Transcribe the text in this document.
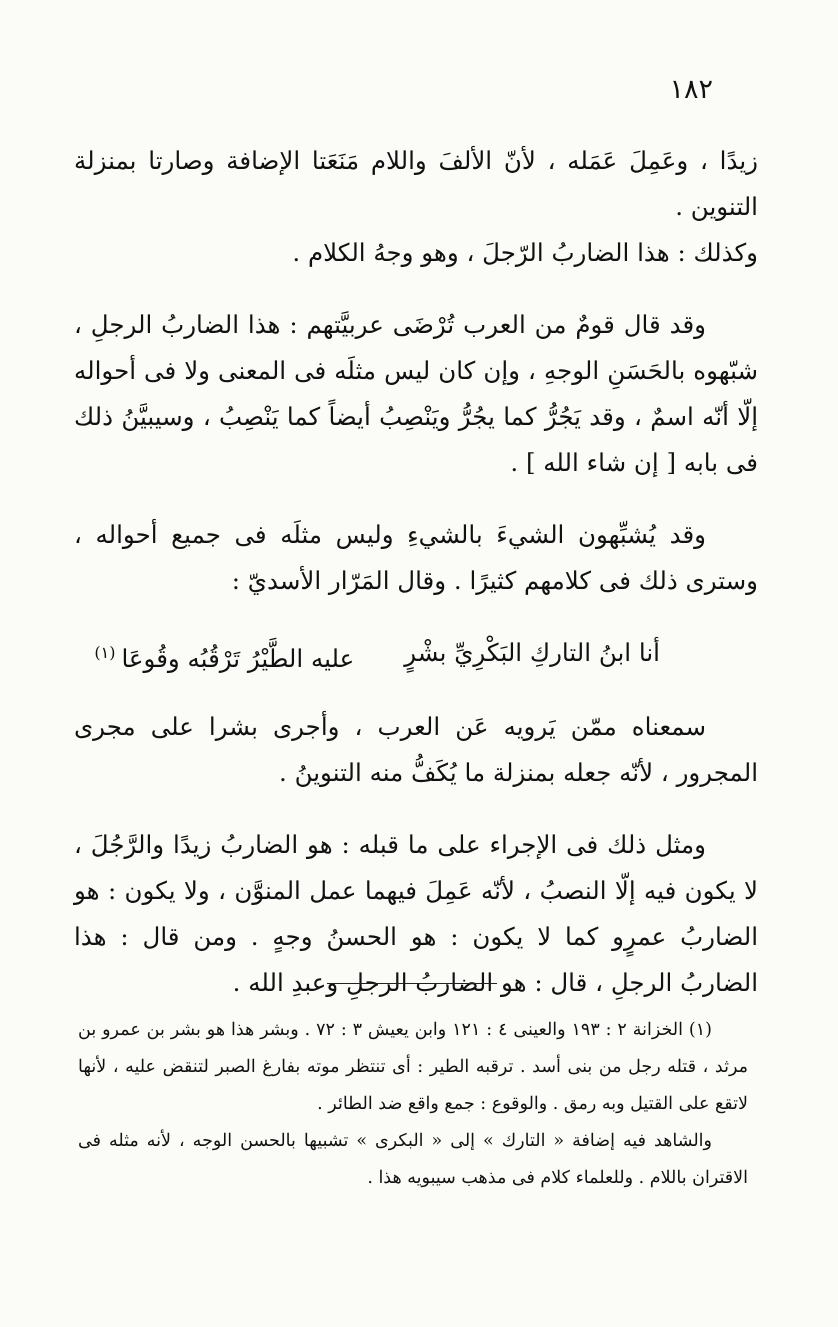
١٨٢

زيدًا ، وعَمِلَ عَمَله ، لأنّ الألفَ واللام مَنَعَتا الإضافة وصارتا بمنزلة التنوين .

وكذلك : هذا الضاربُ الرّجلَ ، وهو وجهُ الكلام .

وقد قال قومٌ من العرب تُرْضَى عربيَّتهم : هذا الضاربُ الرجلِ ، شبّهوه بالحَسَنِ الوجهِ ، وإن كان ليس مثلَه فى المعنى ولا فى أحواله إلّا أنّه اسمٌ ، وقد يَجُرُّ كما يجُرُّ ويَنْصِبُ أيضاً كما يَنْصِبُ ، وسيبيَّنُ ذلك فى بابه [ إن شاء الله ] .

وقد يُشبِّهون الشيءَ بالشيءِ وليس مثلَه فى جميع أحواله ، وسترى ذلك فى كلامهم كثيرًا . وقال المَرّار الأسديّ :

أنا ابنُ التاركِ البَكْرِيِّ بشْرٍ
عليه الطَّيْرُ تَرْقُبُه وقُوعَا$^{(١)}$

سمعناه ممّن يَرويه عَن العرب ، وأجرى بشرا على مجرى المجرور ، لأنّه جعله بمنزلة ما يُكَفُّ منه التنوينُ .

ومثل ذلك فى الإجراء على ما قبله : هو الضاربُ زيدًا والرَّجُلَ ، لا يكون فيه إلّا النصبُ ، لأنّه عَمِلَ فيهما عمل المنوَّن ، ولا يكون : هو الضاربُ عمرٍو كما لا يكون : هو الحسنُ وجهٍ . ومن قال : هذا الضاربُ الرجلِ ، قال : هو الضاربُ الرجلِ وعبدِ الله .

(١) الخزانة ٢ : ١٩٣ والعينى ٤ : ١٢١ وابن يعيش ٣ : ٧٢ . وبشر هذا هو بشر بن عمرو بن مرثد ، قتله رجل من بنى أسد . ترقبه الطير : أى تنتظر موته بفارغ الصبر لتنقض عليه ، لأنها لاتقع على القتيل وبه رمق . والوقوع : جمع واقع ضد الطائر .

والشاهد فيه إضافة « التارك » إلى « البكرى » تشبيها بالحسن الوجه ، لأنه مثله فى الاقتران باللام . وللعلماء كلام فى مذهب سيبويه هذا .
